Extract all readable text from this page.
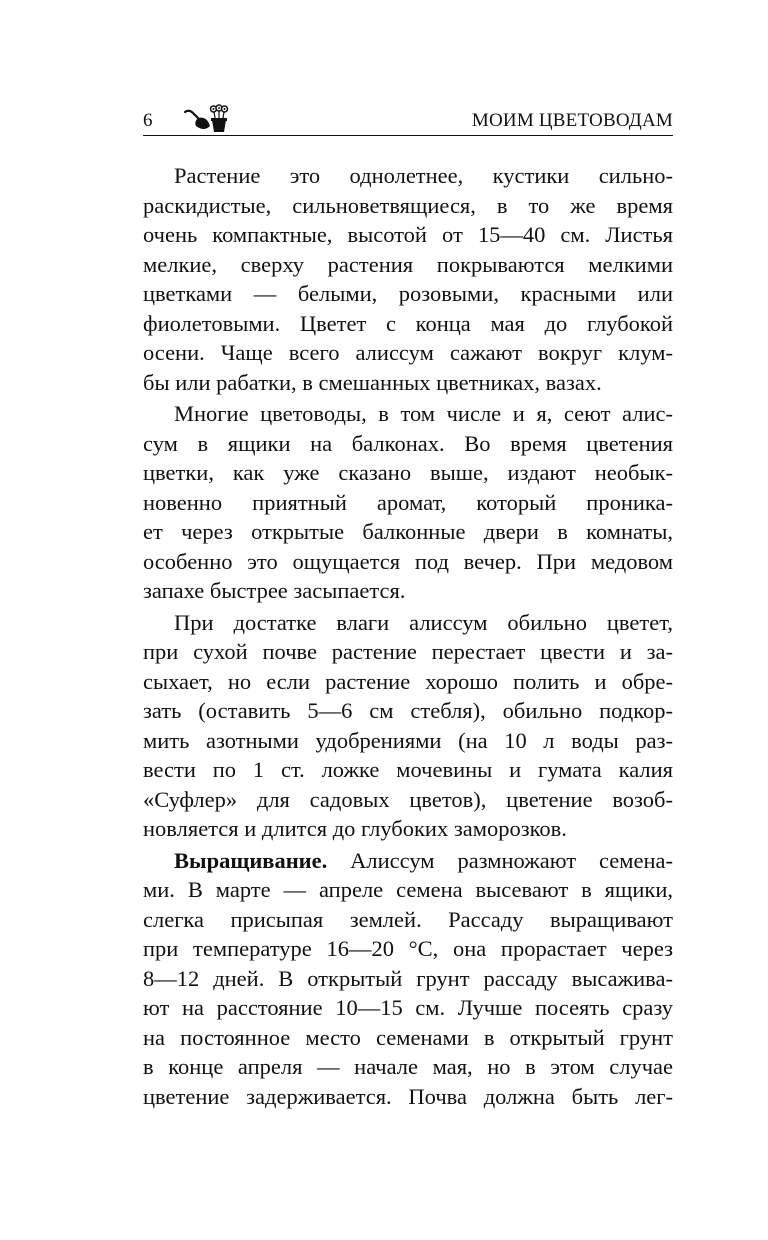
6	МОИМ ЦВЕТОВОДАМ
Растение это однолетнее, кустики сильно-
раскидистые, сильноветвящиеся, в то же время
очень компактные, высотой от 15—40 см. Листья
мелкие, сверху растения покрываются мелкими
цветками — белыми, розовыми, красными или
фиолетовыми. Цветет с конца мая до глубокой
осени. Чаще всего алиссум сажают вокруг клум-
бы или рабатки, в смешанных цветниках, вазах.
Многие цветоводы, в том числе и я, сеют алис-
сум в ящики на балконах. Во время цветения
цветки, как уже сказано выше, издают необык-
новенно приятный аромат, который проника-
ет через открытые балконные двери в комнаты,
особенно это ощущается под вечер. При медовом
запахе быстрее засыпается.
При достатке влаги алиссум обильно цветет,
при сухой почве растение перестает цвести и за-
сыхает, но если растение хорошо полить и обре-
зать (оставить 5—6 см стебля), обильно подкор-
мить азотными удобрениями (на 10 л воды раз-
вести по 1 ст. ложке мочевины и гумата калия
«Суфлер» для садовых цветов), цветение возоб-
новляется и длится до глубоких заморозков.
Выращивание. Алиссум размножают семена-
ми. В марте — апреле семена высевают в ящики,
слегка присыпая землей. Рассаду выращивают
при температуре 16—20 °С, она прорастает через
8—12 дней. В открытый грунт рассаду высажива-
ют на расстояние 10—15 см. Лучше посеять сразу
на постоянное место семенами в открытый грунт
в конце апреля — начале мая, но в этом случае
цветение задерживается. Почва должна быть лег-
